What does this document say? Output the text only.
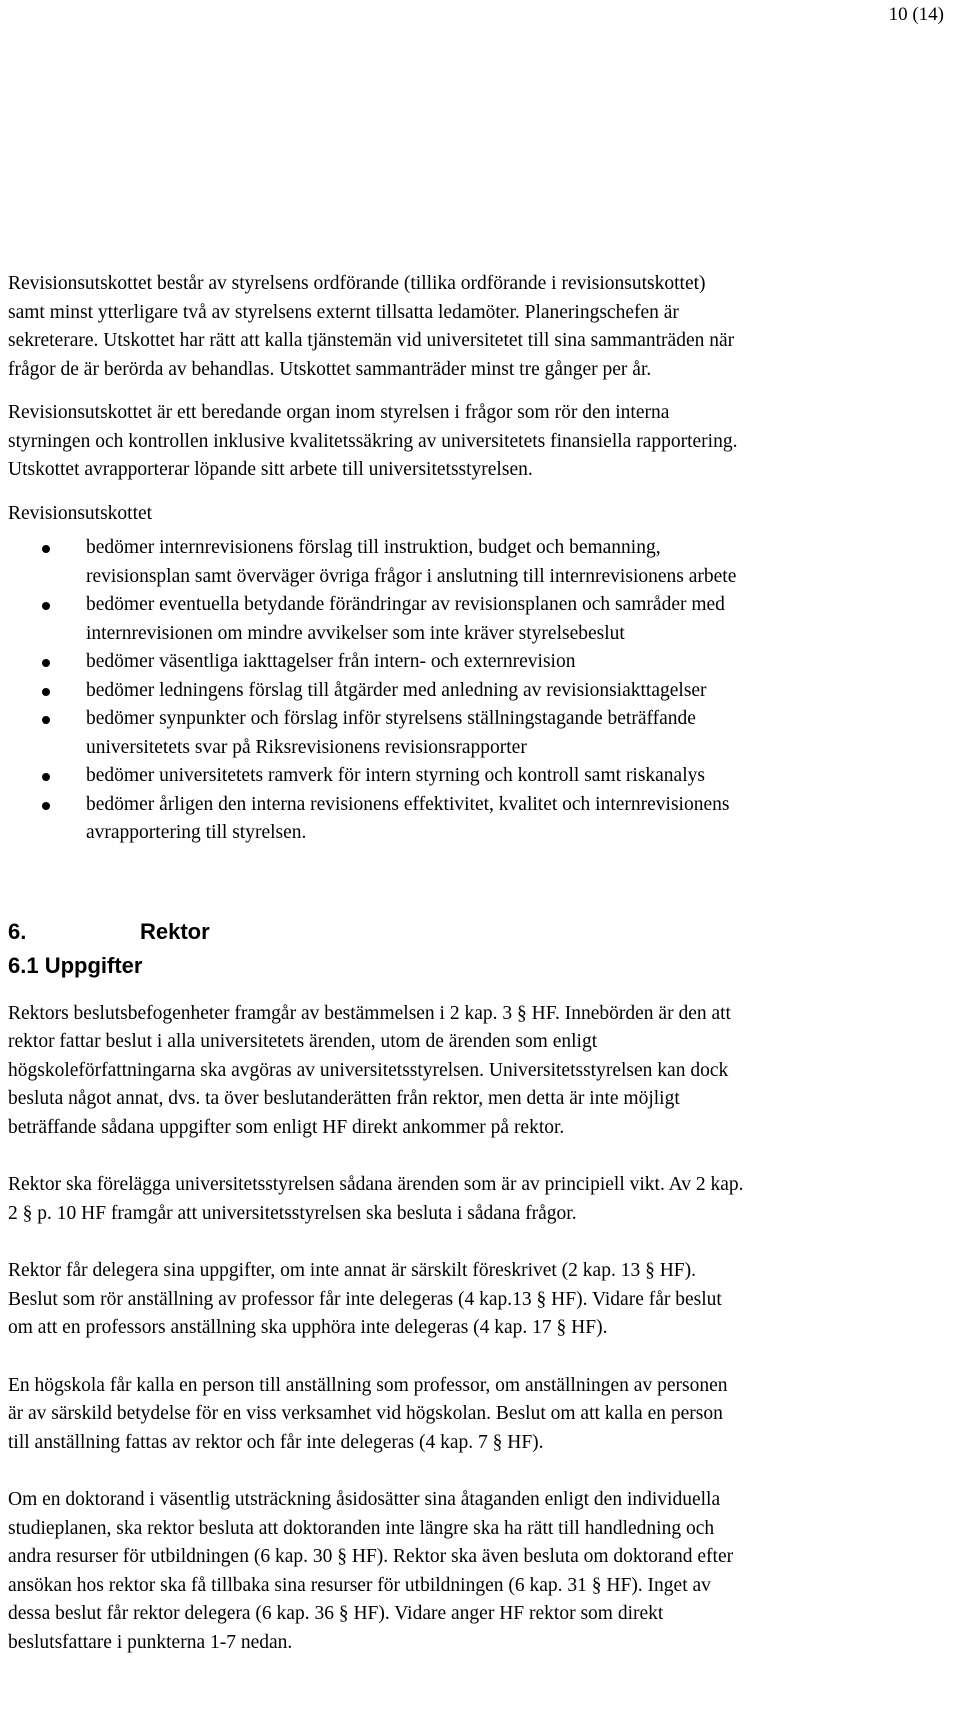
10 (14)

Revisionsutskottet består av styrelsens ordförande (tillika ordförande i revisionsutskottet)
samt minst ytterligare två av styrelsens externt tillsatta ledamöter. Planeringschefen är
sekreterare. Utskottet har rätt att kalla tjänstemän vid universitetet till sina sammanträden när
frågor de är berörda av behandlas. Utskottet sammanträder minst tre gånger per år.

Revisionsutskottet är ett beredande organ inom styrelsen i frågor som rör den interna
styrningen och kontrollen inklusive kvalitetssäkring av universitetets finansiella rapportering.
Utskottet avrapporterar löpande sitt arbete till universitetsstyrelsen.

Revisionsutskottet

bedömer internrevisionens förslag till instruktion, budget och bemanning,
revisionsplan samt överväger övriga frågor i anslutning till internrevisionens arbete
bedömer eventuella betydande förändringar av revisionsplanen och samråder med
internrevisionen om mindre avvikelser som inte kräver styrelsebeslut
bedömer väsentliga iakttagelser från intern- och externrevision
bedömer ledningens förslag till åtgärder med anledning av revisionsiakttagelser
bedömer synpunkter och förslag inför styrelsens ställningstagande beträffande
universitetets svar på Riksrevisionens revisionsrapporter
bedömer universitetets ramverk för intern styrning och kontroll samt riskanalys
bedömer årligen den interna revisionens effektivitet, kvalitet och internrevisionens
avrapportering till styrelsen.
6.	Rektor
6.1 Uppgifter

Rektors beslutsbefogenheter framgår av bestämmelsen i 2 kap. 3 § HF. Innebörden är den att
rektor fattar beslut i alla universitetets ärenden, utom de ärenden som enligt
högskoleförfattningarna ska avgöras av universitetsstyrelsen. Universitetsstyrelsen kan dock
besluta något annat, dvs. ta över beslutanderätten från rektor, men detta är inte möjligt
beträffande sådana uppgifter som enligt HF direkt ankommer på rektor.

Rektor ska förelägga universitetsstyrelsen sådana ärenden som är av principiell vikt. Av 2 kap.
2 § p. 10 HF framgår att universitetsstyrelsen ska besluta i sådana frågor.

Rektor får delegera sina uppgifter, om inte annat är särskilt föreskrivet (2 kap. 13 § HF).
Beslut som rör anställning av professor får inte delegeras (4 kap.13 § HF). Vidare får beslut
om att en professors anställning ska upphöra inte delegeras (4 kap. 17 § HF).

En högskola får kalla en person till anställning som professor, om anställningen av personen
är av särskild betydelse för en viss verksamhet vid högskolan. Beslut om att kalla en person
till anställning fattas av rektor och får inte delegeras (4 kap. 7 § HF).

Om en doktorand i väsentlig utsträckning åsidosätter sina åtaganden enligt den individuella
studieplanen, ska rektor besluta att doktoranden inte längre ska ha rätt till handledning och
andra resurser för utbildningen (6 kap. 30 § HF). Rektor ska även besluta om doktorand efter
ansökan hos rektor ska få tillbaka sina resurser för utbildningen (6 kap. 31 § HF). Inget av
dessa beslut får rektor delegera (6 kap. 36 § HF). Vidare anger HF rektor som direkt
beslutsfattare i punkterna 1-7 nedan.
